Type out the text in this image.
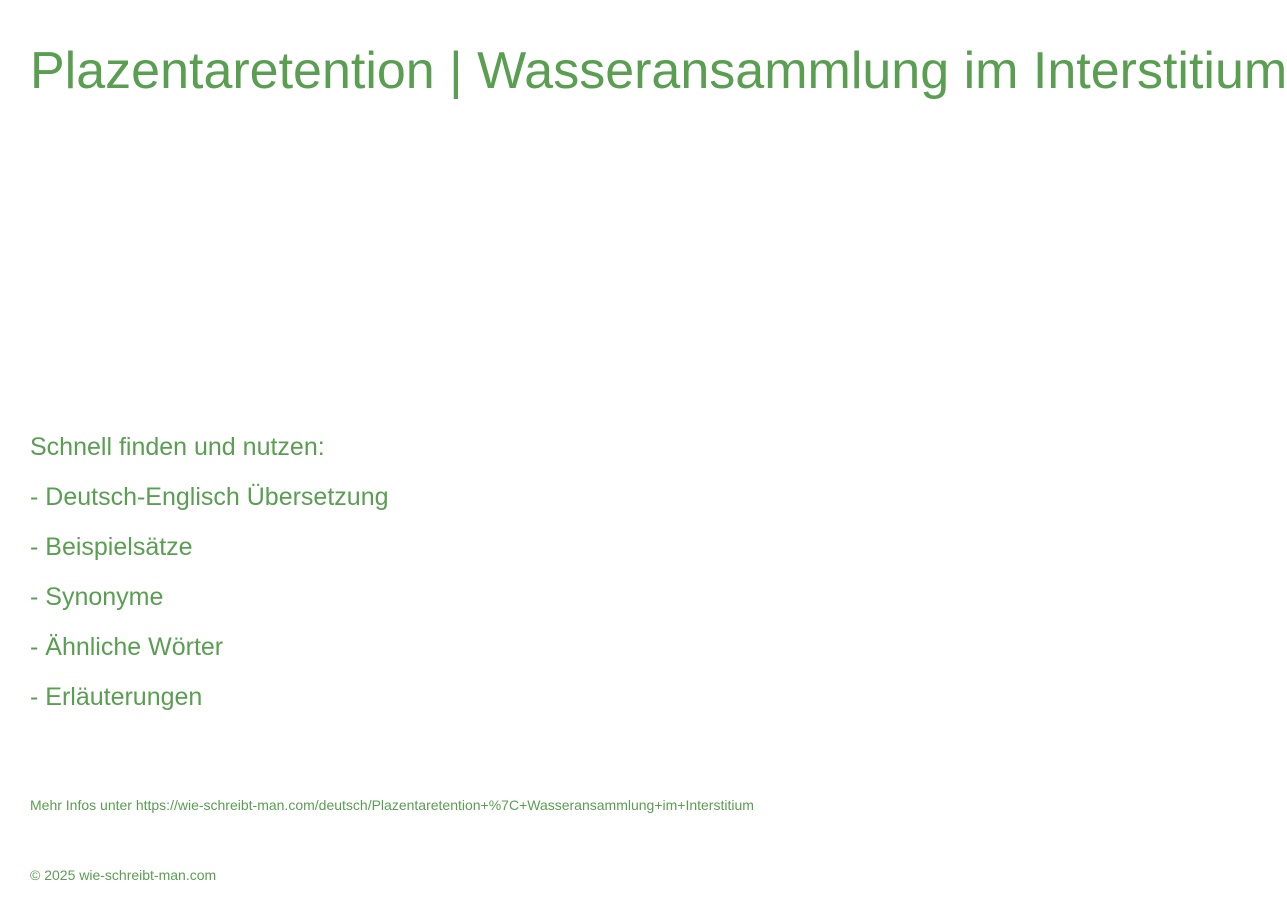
Plazentaretention | Wasseransammlung im Interstitium
Schnell finden und nutzen:
- Deutsch-Englisch Übersetzung
- Beispielsätze
- Synonyme
- Ähnliche Wörter
- Erläuterungen
Mehr Infos unter https://wie-schreibt-man.com/deutsch/Plazentaretention+%7C+Wasseransammlung+im+Interstitium
© 2025 wie-schreibt-man.com
